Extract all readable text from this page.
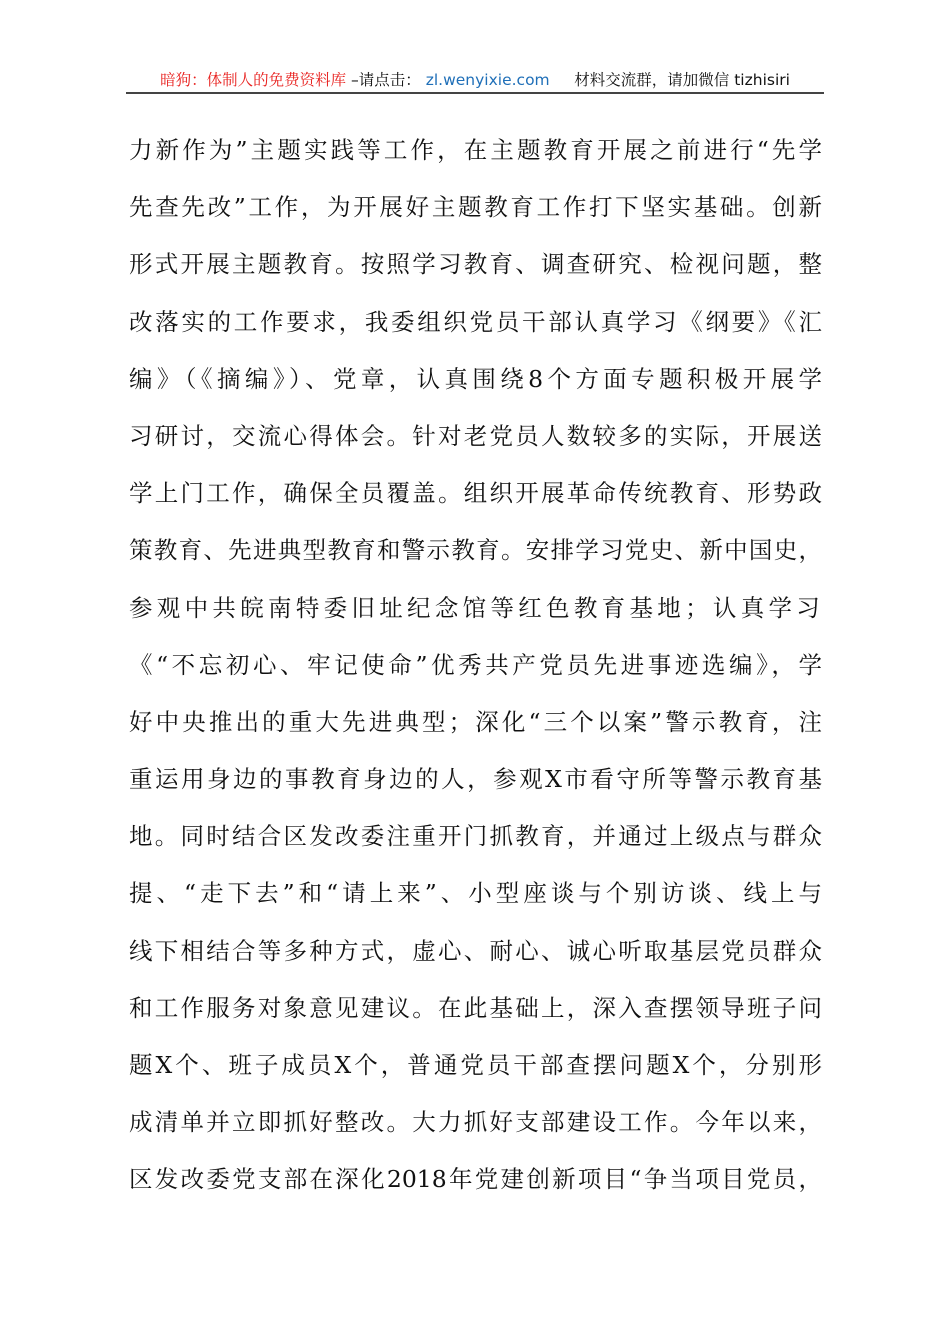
暗狗：体制人的免费资料库 –请点击： zl.wenyixie.com 材料交流群，请加微信 tizhisiri
力新作为”主题实践等工作，在主题教育开展之前进行“先学
先查先改”工作，为开展好主题教育工作打下坚实基础。创新
形式开展主题教育。按照学习教育、调查研究、检视问题，整
改落实的工作要求，我委组织党员干部认真学习《纲要》《汇
编》（《摘编》）、党章，认真围绕8个方面专题积极开展学
习研讨，交流心得体会。针对老党员人数较多的实际，开展送
学上门工作，确保全员覆盖。组织开展革命传统教育、形势政
策教育、先进典型教育和警示教育。安排学习党史、新中国史，
参观中共皖南特委旧址纪念馆等红色教育基地；认真学习
《“不忘初心、牢记使命”优秀共产党员先进事迹选编》，学
好中央推出的重大先进典型；深化“三个以案”警示教育，注
重运用身边的事教育身边的人，参观X市看守所等警示教育基
地。同时结合区发改委注重开门抓教育，并通过上级点与群众
提、“走下去”和“请上来”、小型座谈与个别访谈、线上与
线下相结合等多种方式，虚心、耐心、诚心听取基层党员群众
和工作服务对象意见建议。在此基础上，深入查摆领导班子问
题X个、班子成员X个，普通党员干部查摆问题X个，分别形
成清单并立即抓好整改。大力抓好支部建设工作。今年以来，
区发改委党支部在深化2018年党建创新项目“争当项目党员，
